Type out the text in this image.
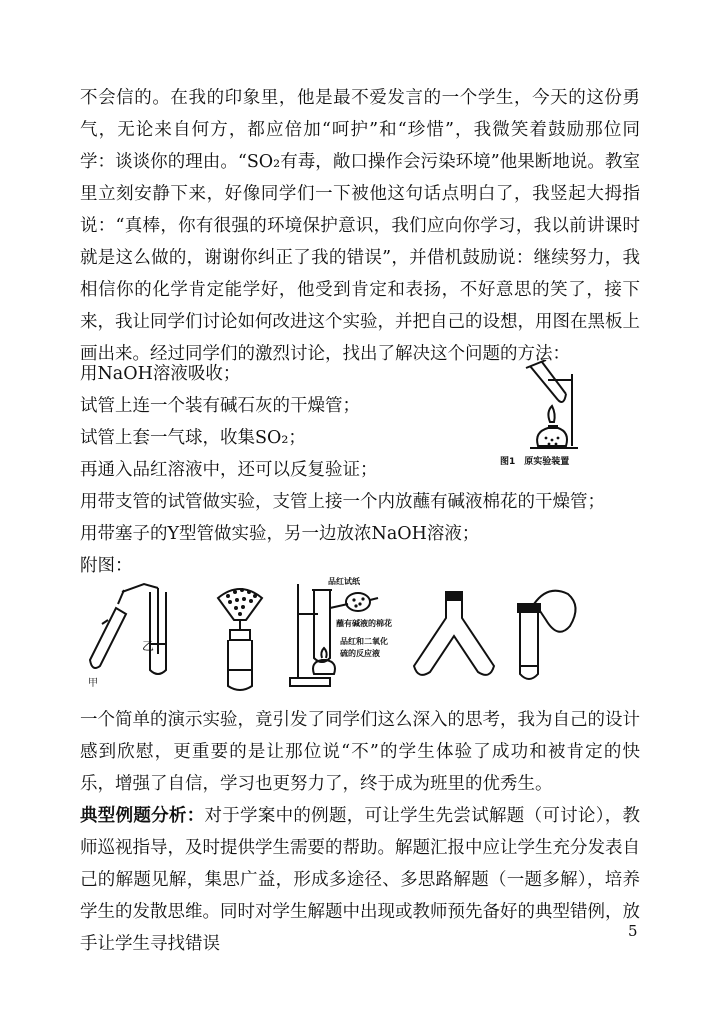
不会信的。在我的印象里，他是最不爱发言的一个学生，今天的这份勇气，无论来自何方，都应倍加“呵护”和“珍惜”，我微笑着鼓励那位同学：谈谈你的理由。“SO₂有毒，敞口操作会污染环境”他果断地说。教室里立刻安静下来，好像同学们一下被他这句话点明白了，我竖起大拇指说：“真棒，你有很强的环境保护意识，我们应向你学习，我以前讲课时就是这么做的，谢谢你纠正了我的错误”，并借机鼓励说：继续努力，我相信你的化学肯定能学好，他受到肯定和表扬，不好意思的笑了，接下来，我让同学们讨论如何改进这个实验，并把自己的设想，用图在黑板上画出来。经过同学们的激烈讨论，找出了解决这个问题的方法：

用NaOH溶液吸收；

试管上连一个装有碱石灰的干燥管；

试管上套一气球，收集SO₂；

再通入品红溶液中，还可以反复验证；

用带支管的试管做实验，支管上接一个内放蘸有碱液棉花的干燥管；

用带塞子的Y型管做实验，另一边放浓NaOH溶液；

附图：

图1　原实验装置
甲
乙
品红试纸
蘸有碱液的棉花
品红和二氧化
硫的反应液

一个简单的演示实验，竟引发了同学们这么深入的思考，我为自己的设计感到欣慰，更重要的是让那位说“不”的学生体验了成功和被肯定的快乐，增强了自信，学习也更努力了，终于成为班里的优秀生。

典型例题分析：对于学案中的例题，可让学生先尝试解题（可讨论），教师巡视指导，及时提供学生需要的帮助。解题汇报中应让学生充分发表自己的解题见解，集思广益，形成多途径、多思路解题（一题多解），培养学生的发散思维。同时对学生解题中出现或教师预先备好的典型错例，放手让学生寻找错误

5
